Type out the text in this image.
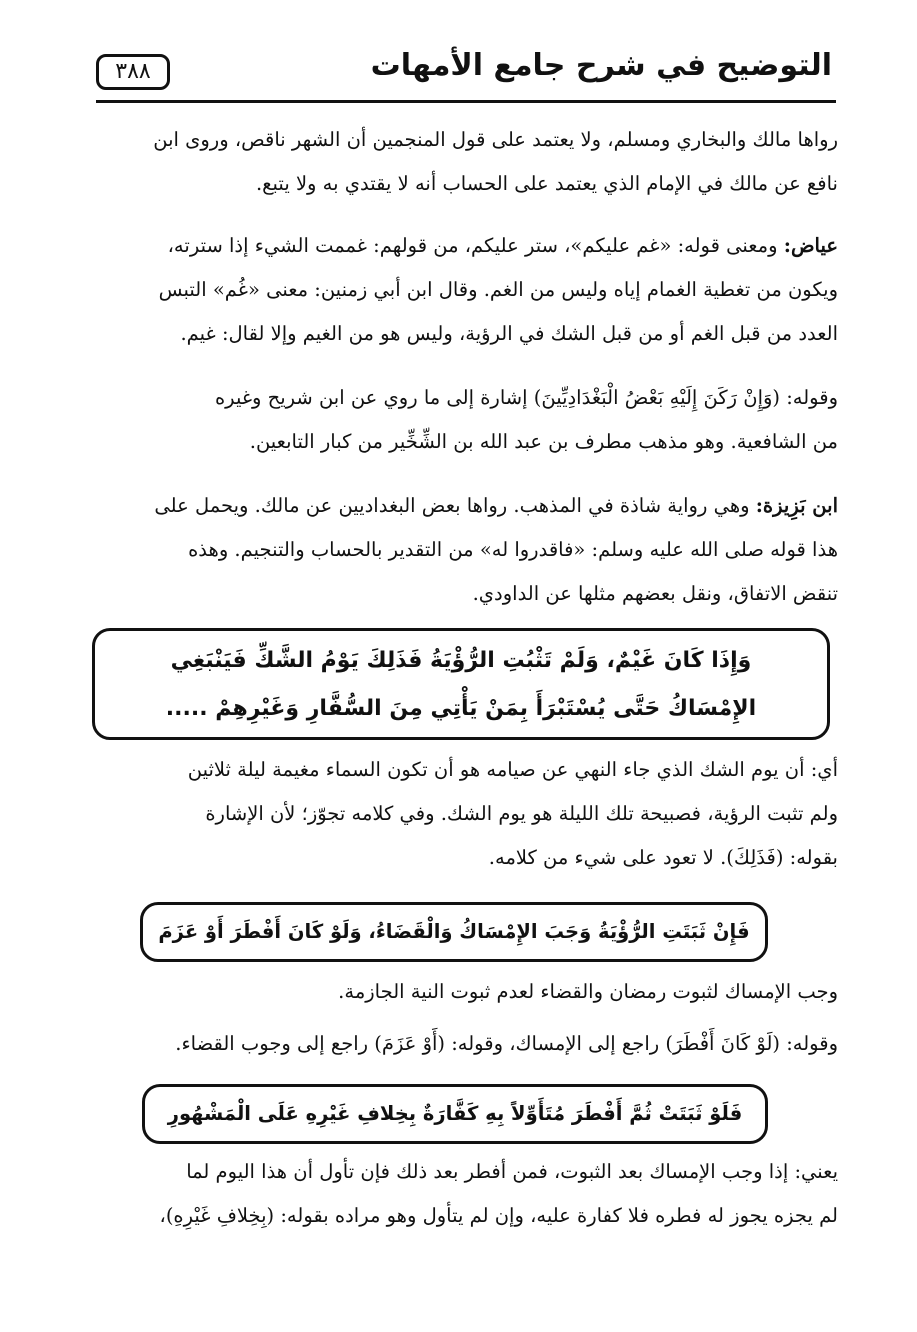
التوضيح في شرح جامع الأمهات
٣٨٨
رواها مالك والبخاري ومسلم، ولا يعتمد على قول المنجمين أن الشهر ناقص، وروى ابن
نافع عن مالك في الإمام الذي يعتمد على الحساب أنه لا يقتدي به ولا يتبع.
عياض: ومعنى قوله: «غم عليكم»، ستر عليكم، من قولهم: غممت الشيء إذا سترته،
ويكون من تغطية الغمام إياه وليس من الغم. وقال ابن أبي زمنين: معنى «غُم» التبس
العدد من قبل الغم أو من قبل الشك في الرؤية، وليس هو من الغيم وإلا لقال: غيم.
وقوله: (وَإِنْ رَكَنَ إِلَيْهِ بَعْضُ الْبَغْدَادِيِّينَ) إشارة إلى ما روي عن ابن شريح وغيره
من الشافعية. وهو مذهب مطرف بن عبد الله بن الشِّخِّير من كبار التابعين.
ابن بَزِيزة: وهي رواية شاذة في المذهب. رواها بعض البغداديين عن مالك. ويحمل على
هذا قوله صلى الله عليه وسلم: «فاقدروا له» من التقدير بالحساب والتنجيم. وهذه
تنقض الاتفاق، ونقل بعضهم مثلها عن الداودي.
وَإِذَا كَانَ غَيْمٌ، وَلَمْ تَثْبُتِ الرُّؤْيَةُ فَذَلِكَ يَوْمُ الشَّكِّ فَيَنْبَغِي
الإِمْسَاكُ حَتَّى يُسْتَبْرَأَ بِمَنْ يَأْتِي مِنَ السُّفَّارِ وَغَيْرِهِمْ .....
أي: أن يوم الشك الذي جاء النهي عن صيامه هو أن تكون السماء مغيمة ليلة ثلاثين
ولم تثبت الرؤية، فصبيحة تلك الليلة هو يوم الشك. وفي كلامه تجوّز؛ لأن الإشارة
بقوله: (فَذَلِكَ). لا تعود على شيء من كلامه.
فَإِنْ ثَبَتَتِ الرُّؤْيَةُ وَجَبَ الإِمْسَاكُ وَالْقَضَاءُ، وَلَوْ كَانَ أَفْطَرَ أَوْ عَزَمَ
وجب الإمساك لثبوت رمضان والقضاء لعدم ثبوت النية الجازمة.
وقوله: (لَوْ كَانَ أَفْطَرَ) راجع إلى الإمساك، وقوله: (أَوْ عَزَمَ) راجع إلى وجوب القضاء.
فَلَوْ ثَبَتَتْ ثُمَّ أَفْطَرَ مُتَأَوِّلاً بِهِ كَفَّارَةٌ بِخِلافِ غَيْرِهِ عَلَى الْمَشْهُورِ
يعني: إذا وجب الإمساك بعد الثبوت، فمن أفطر بعد ذلك فإن تأول أن هذا اليوم لما
لم يجزه يجوز له فطره فلا كفارة عليه، وإن لم يتأول وهو مراده بقوله: (بِخِلافِ غَيْرِهِ)،
